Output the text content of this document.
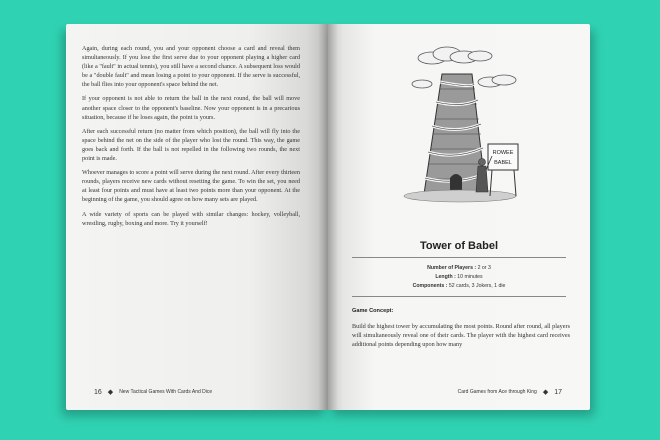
Again, during each round, you and your opponent choose a card and reveal them simultaneously. If you lose the first serve due to your opponent playing a higher card (like a "fault" in actual tennis), you still have a second chance. A subsequent loss would be a "double fault" and mean losing a point to your opponent. If the serve is successful, the ball flies into your opponent's space behind the net.

If your opponent is not able to return the ball in the next round, the ball will move another space closer to the opponent's baseline. Now your opponent is in a precarious situation, because if he loses again, the point is yours.

After each successful return (no matter from which position), the ball will fly into the space behind the net on the side of the player who lost the round. This way, the game goes back and forth. If the ball is not repelled in the following two rounds, the next point is made.

Whoever manages to score a point will serve during the next round. After every thirteen rounds, players receive new cards without resetting the game. To win the set, you need at least four points and must have at least two points more than your opponent. At the beginning of the game, you should agree on how many sets are played.

A wide variety of sports can be played with similar changes: hockey, volleyball, wrestling, rugby, boxing and more. Try it yourself!

16 ◆ New Tactical Games With Cards And Dice
ROWEE
BABEL
Tower of Babel
Number of Players : 2 or 3
Length : 10 minutes
Components : 52 cards, 3 Jokers, 1 die
Game Concept:
Build the highest tower by accumulating the most points. Round after round, all players will simultaneously reveal one of their cards. The player with the highest card receives additional points depending upon how many
Card Games from Ace through King ◆ 17
